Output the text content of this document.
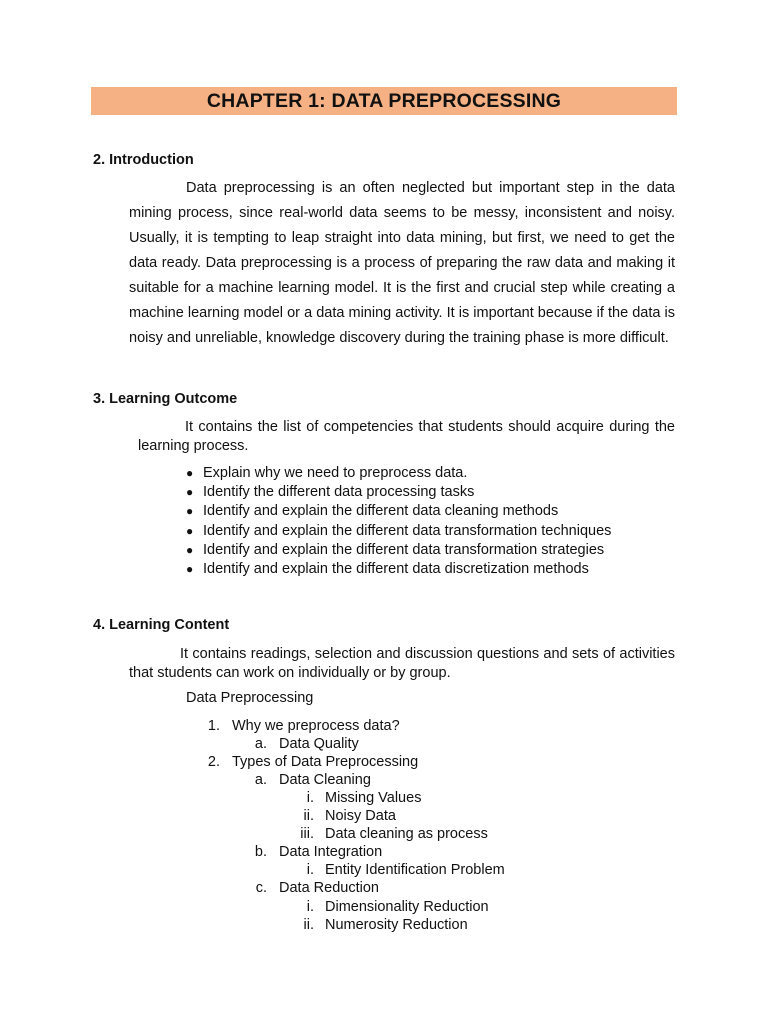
CHAPTER 1: DATA PREPROCESSING
2. Introduction
Data preprocessing is an often neglected but important step in the data mining process, since real-world data seems to be messy, inconsistent and noisy. Usually, it is tempting to leap straight into data mining, but first, we need to get the data ready. Data preprocessing is a process of preparing the raw data and making it suitable for a machine learning model. It is the first and crucial step while creating a machine learning model or a data mining activity. It is important because if the data is noisy and unreliable, knowledge discovery during the training phase is more difficult.
3. Learning Outcome
It contains the list of competencies that students should acquire during the learning process.
● Explain why we need to preprocess data.
● Identify the different data processing tasks
● Identify and explain the different data cleaning methods
● Identify and explain the different data transformation techniques
● Identify and explain the different data transformation strategies
● Identify and explain the different data discretization methods
4. Learning Content
It contains readings, selection and discussion questions and sets of activities that students can work on individually or by group.
Data Preprocessing
1. Why we preprocess data?
a. Data Quality
2. Types of Data Preprocessing
a. Data Cleaning
i. Missing Values
ii. Noisy Data
iii. Data cleaning as process
b. Data Integration
i. Entity Identification Problem
c. Data Reduction
i. Dimensionality Reduction
ii. Numerosity Reduction
